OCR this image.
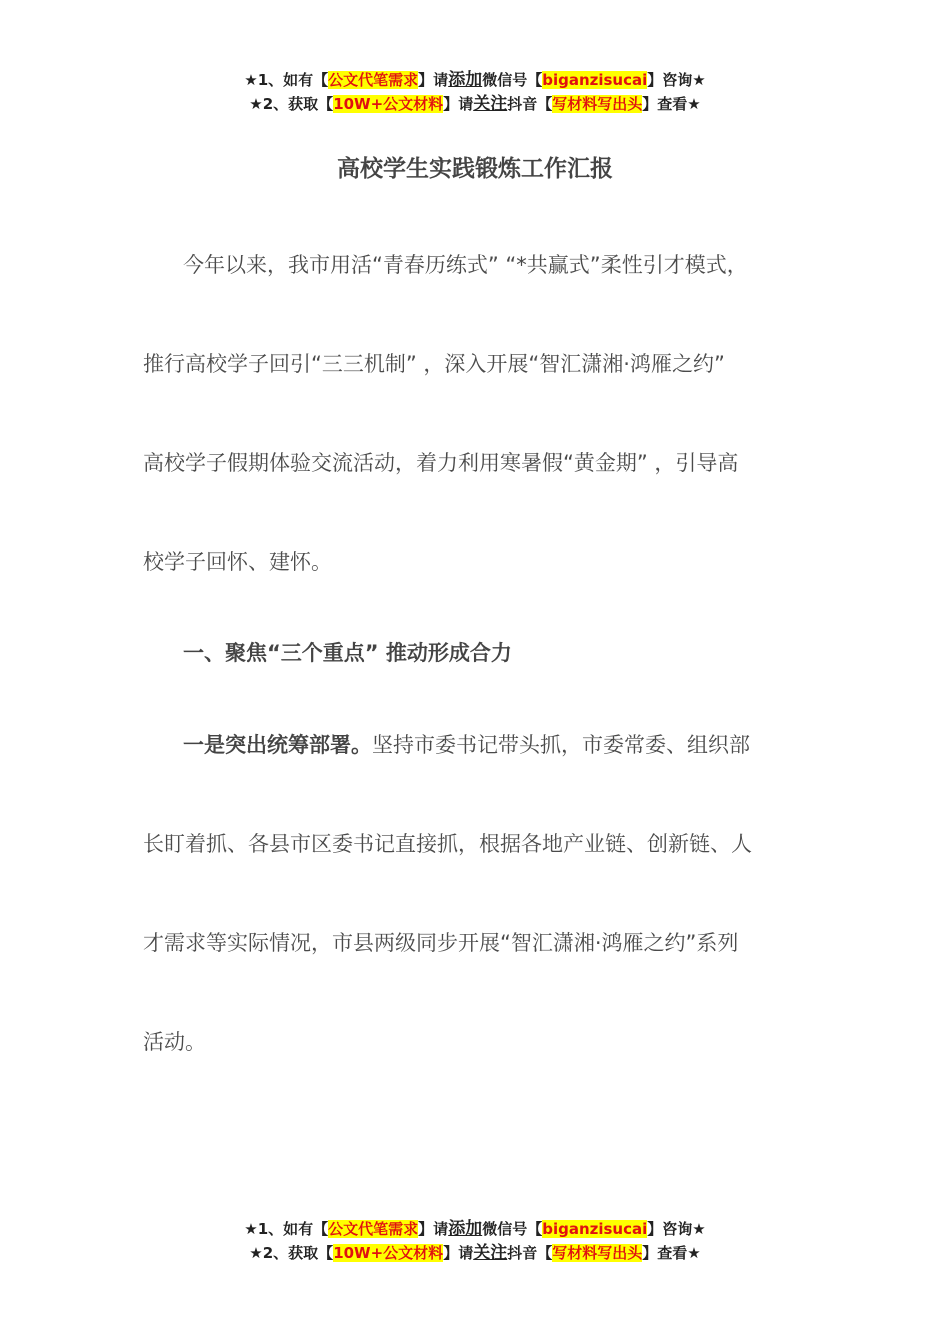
★1、如有【公文代笔需求】请添加微信号【biganzisucai】咨询★
★2、获取【10W+公文材料】请关注抖音【写材料写出头】查看★
高校学生实践锻炼工作汇报
今年以来，我市用活“青春历练式” “*共赢式”柔性引才模式，
推行高校学子回引“三三机制” ，深入开展“智汇潇湘·鸿雁之约”
高校学子假期体验交流活动，着力利用寒暑假“黄金期” ，引导高
校学子回怀、建怀。
一、聚焦“三个重点” 推动形成合力
一是突出统筹部署。坚持市委书记带头抓，市委常委、组织部
长盯着抓、各县市区委书记直接抓，根据各地产业链、创新链、人
才需求等实际情况，市县两级同步开展“智汇潇湘·鸿雁之约”系列
活动。
★1、如有【公文代笔需求】请添加微信号【biganzisucai】咨询★
★2、获取【10W+公文材料】请关注抖音【写材料写出头】查看★
